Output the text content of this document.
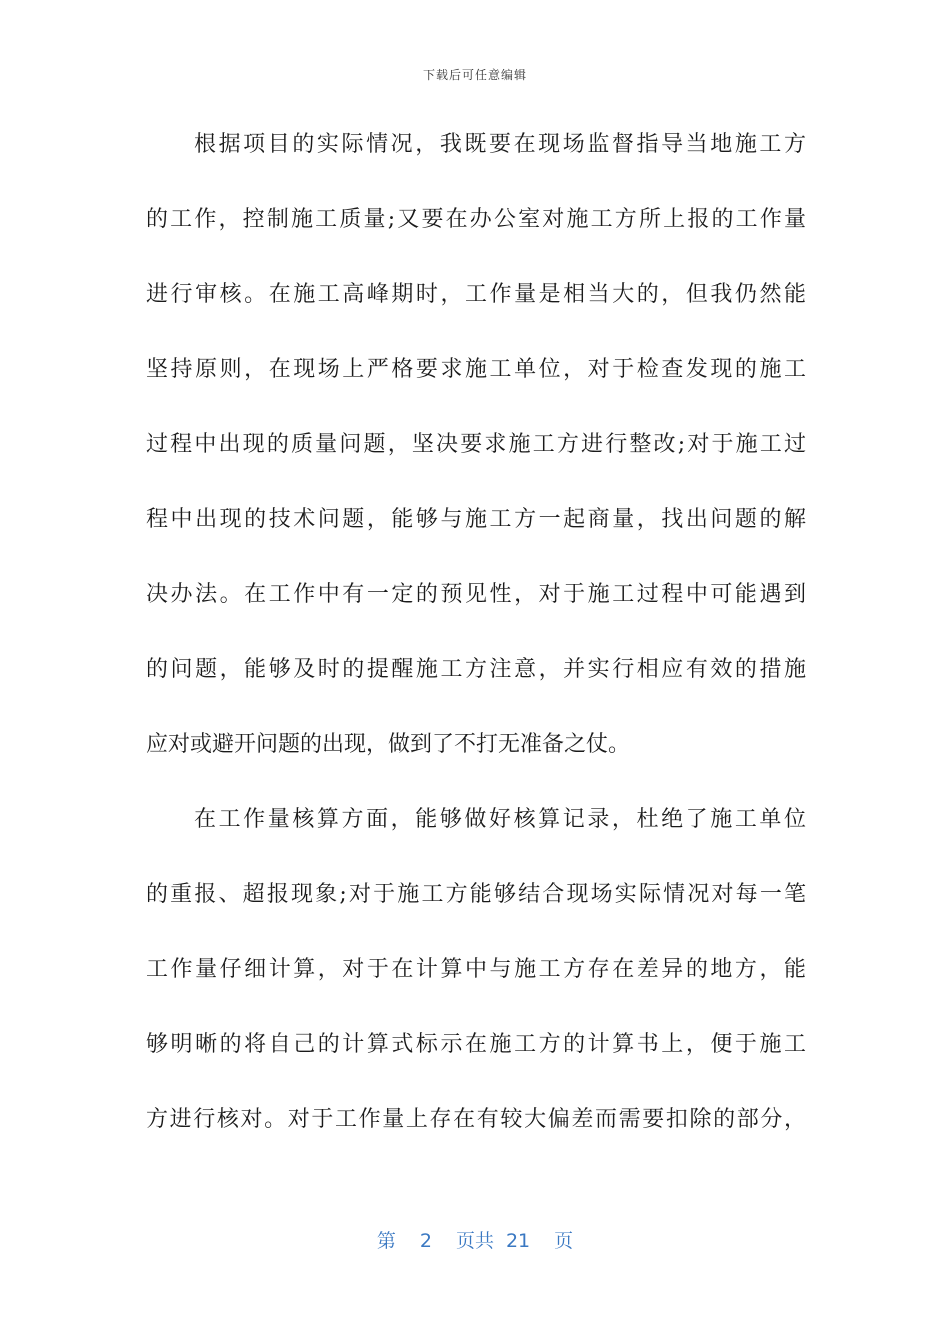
下载后可任意编辑
根据项目的实际情况，我既要在现场监督指导当地施工方
的工作，控制施工质量;又要在办公室对施工方所上报的工作量
进行审核。在施工高峰期时，工作量是相当大的，但我仍然能
坚持原则，在现场上严格要求施工单位，对于检查发现的施工
过程中出现的质量问题，坚决要求施工方进行整改;对于施工过
程中出现的技术问题，能够与施工方一起商量，找出问题的解
决办法。在工作中有一定的预见性，对于施工过程中可能遇到
的问题，能够及时的提醒施工方注意，并实行相应有效的措施
应对或避开问题的出现，做到了不打无准备之仗。
在工作量核算方面，能够做好核算记录，杜绝了施工单位
的重报、超报现象;对于施工方能够结合现场实际情况对每一笔
工作量仔细计算，对于在计算中与施工方存在差异的地方，能
够明晰的将自己的计算式标示在施工方的计算书上，便于施工
方进行核对。对于工作量上存在有较大偏差而需要扣除的部分，
第 2 页共 21 页
